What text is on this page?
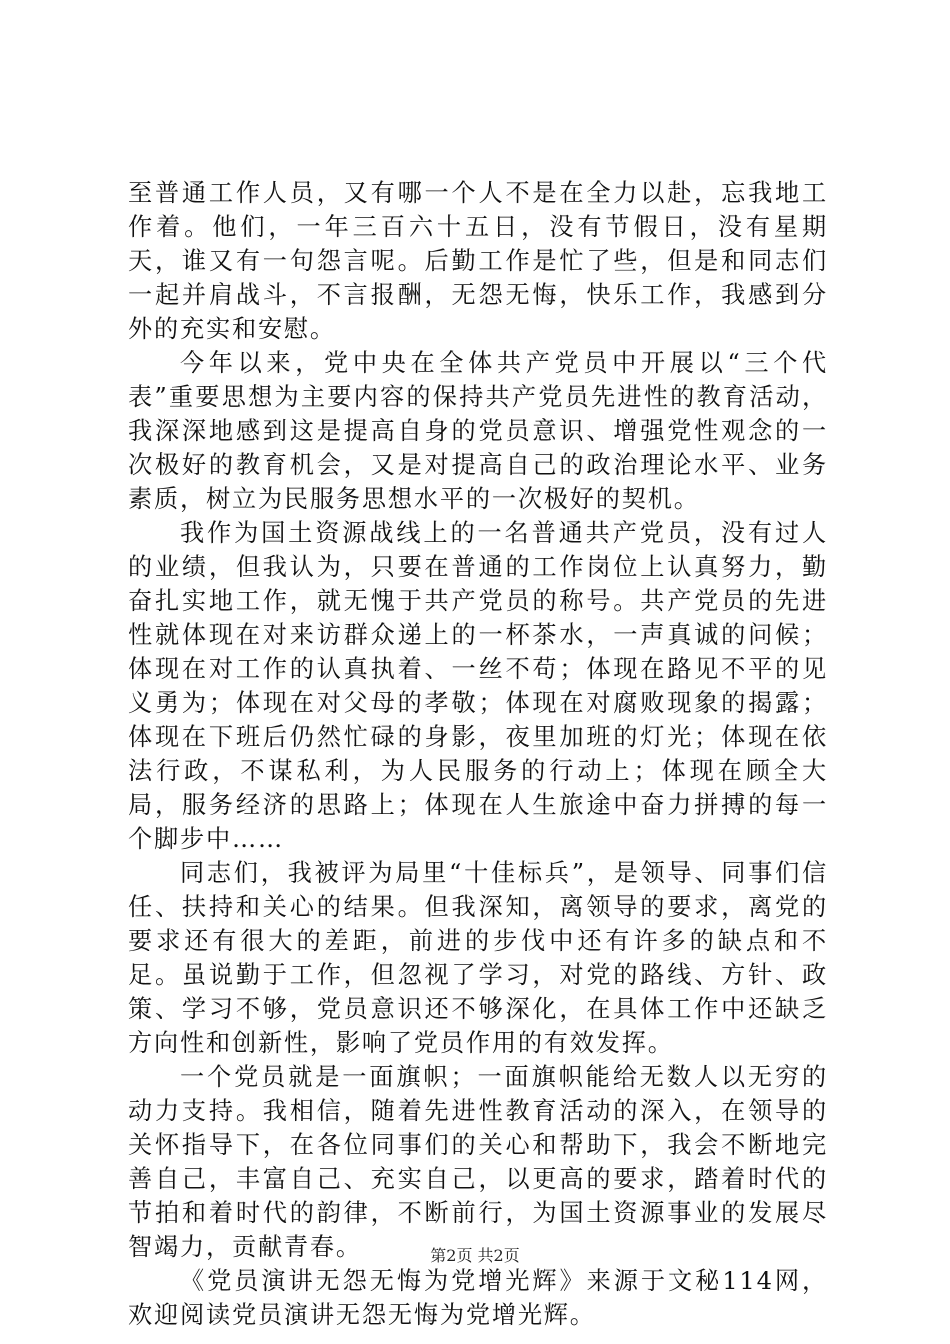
至普通工作人员，又有哪一个人不是在全力以赴，忘我地工作着。他们，一年三百六十五日，没有节假日，没有星期天，谁又有一句怨言呢。后勤工作是忙了些，但是和同志们一起并肩战斗，不言报酬，无怨无悔，快乐工作，我感到分外的充实和安慰。

今年以来，党中央在全体共产党员中开展以“三个代表”重要思想为主要内容的保持共产党员先进性的教育活动，我深深地感到这是提高自身的党员意识、增强党性观念的一次极好的教育机会，又是对提高自己的政治理论水平、业务素质，树立为民服务思想水平的一次极好的契机。

我作为国土资源战线上的一名普通共产党员，没有过人的业绩，但我认为，只要在普通的工作岗位上认真努力，勤奋扎实地工作，就无愧于共产党员的称号。共产党员的先进性就体现在对来访群众递上的一杯茶水，一声真诚的问候；体现在对工作的认真执着、一丝不苟；体现在路见不平的见义勇为；体现在对父母的孝敬；体现在对腐败现象的揭露；体现在下班后仍然忙碌的身影，夜里加班的灯光；体现在依法行政，不谋私利，为人民服务的行动上；体现在顾全大局，服务经济的思路上；体现在人生旅途中奋力拼搏的每一个脚步中……

同志们，我被评为局里“十佳标兵”，是领导、同事们信任、扶持和关心的结果。但我深知，离领导的要求，离党的要求还有很大的差距，前进的步伐中还有许多的缺点和不足。虽说勤于工作，但忽视了学习，对党的路线、方针、政策、学习不够，党员意识还不够深化，在具体工作中还缺乏方向性和创新性，影响了党员作用的有效发挥。

一个党员就是一面旗帜；一面旗帜能给无数人以无穷的动力支持。我相信，随着先进性教育活动的深入，在领导的关怀指导下，在各位同事们的关心和帮助下，我会不断地完善自己，丰富自己、充实自己，以更高的要求，踏着时代的节拍和着时代的韵律，不断前行，为国土资源事业的发展尽智竭力，贡献青春。

《党员演讲无怨无悔为党增光辉》来源于文秘114网，欢迎阅读党员演讲无怨无悔为党增光辉。

第2页 共2页
